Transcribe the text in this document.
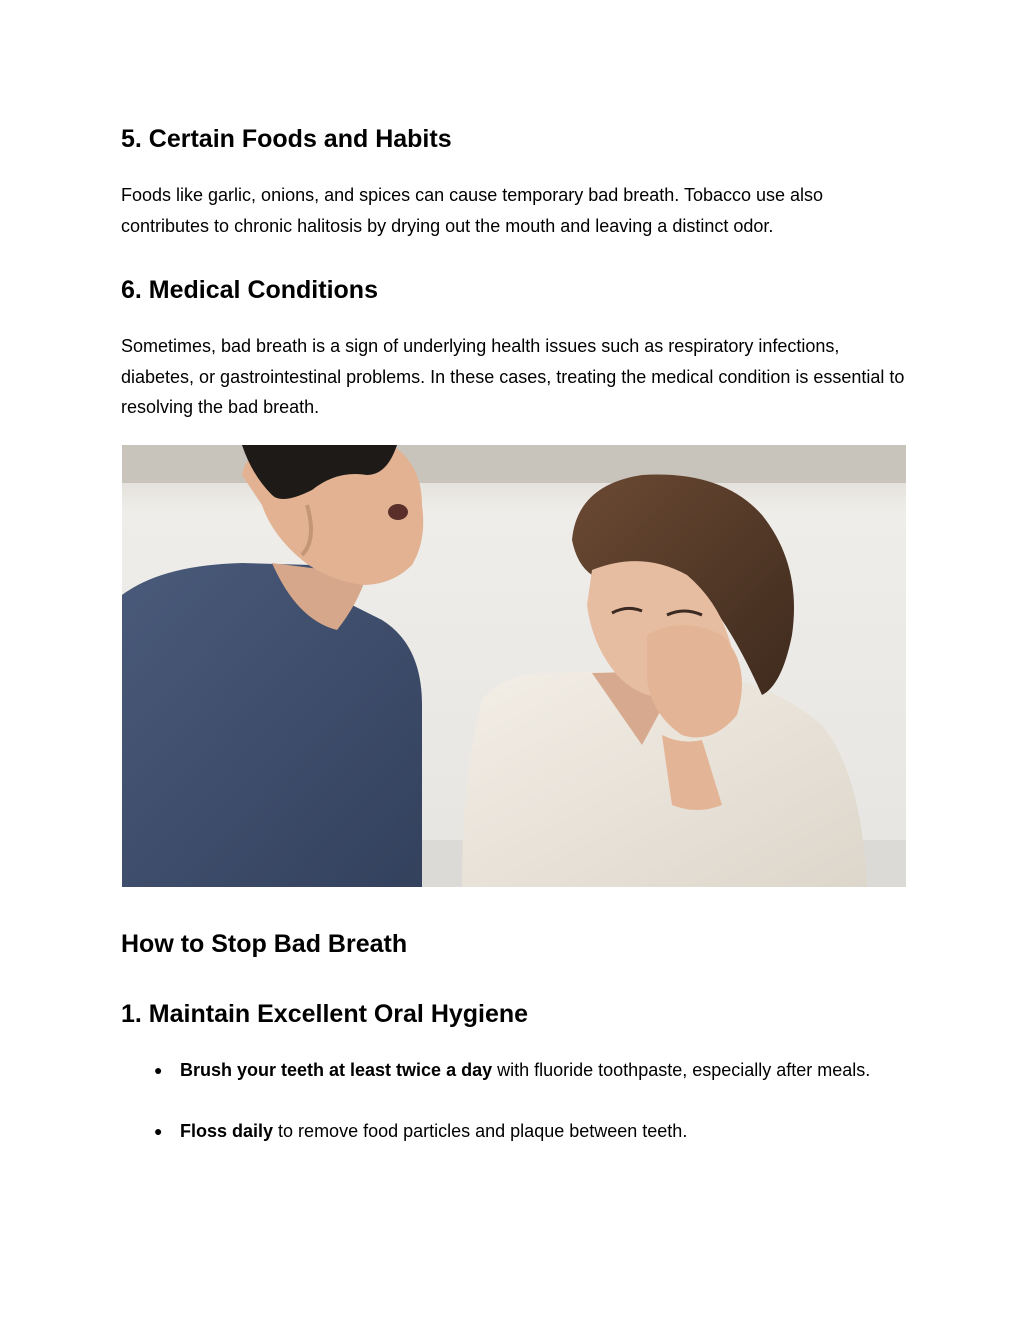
5. Certain Foods and Habits

Foods like garlic, onions, and spices can cause temporary bad breath. Tobacco use also contributes to chronic halitosis by drying out the mouth and leaving a distinct odor.

6. Medical Conditions

Sometimes, bad breath is a sign of underlying health issues such as respiratory infections, diabetes, or gastrointestinal problems. In these cases, treating the medical condition is essential to resolving the bad breath.

How to Stop Bad Breath
1. Maintain Excellent Oral Hygiene
● Brush your teeth at least twice a day with fluoride toothpaste, especially after meals.
● Floss daily to remove food particles and plaque between teeth.
